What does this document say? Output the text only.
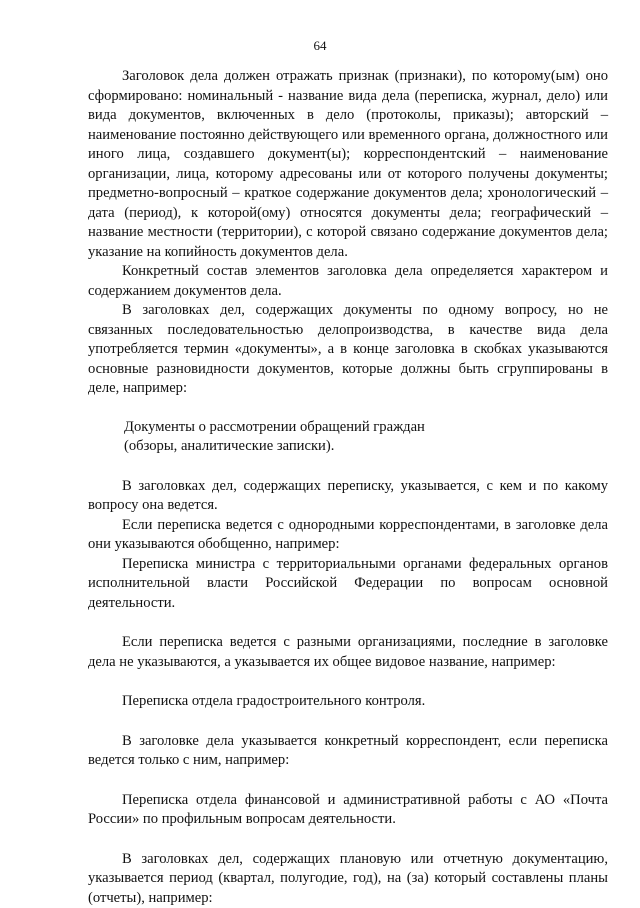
64

Заголовок дела должен отражать признак (признаки), по которому(ым) оно сформировано: номинальный - название вида дела (переписка, журнал, дело) или вида документов, включенных в дело (протоколы, приказы); авторский – наименование постоянно действующего или временного органа, должностного или иного лица, создавшего документ(ы); корреспондентский – наименование организации, лица, которому адресованы или от которого получены документы; предметно-вопросный – краткое содержание документов дела; хронологический – дата (период), к которой(ому) относятся документы дела; географический – название местности (территории), с которой связано содержание документов дела; указание на копийность документов дела.

Конкретный состав элементов заголовка дела определяется характером и содержанием документов дела.

В заголовках дел, содержащих документы по одному вопросу, но не связанных последовательностью делопроизводства, в качестве вида дела употребляется термин «документы», а в конце заголовка в скобках указываются основные разновидности документов, которые должны быть сгруппированы в деле, например:

Документы о рассмотрении обращений граждан

(обзоры, аналитические записки).

В заголовках дел, содержащих переписку, указывается, с кем и по какому вопросу она ведется.

Если переписка ведется с однородными корреспондентами, в заголовке дела они указываются обобщенно, например:

Переписка министра с территориальными органами федеральных органов исполнительной власти Российской Федерации по вопросам основной деятельности.

Если переписка ведется с разными организациями, последние в заголовке дела не указываются, а указывается их общее видовое название, например:

Переписка отдела градостроительного контроля.

В заголовке дела указывается конкретный корреспондент, если переписка ведется только с ним, например:

Переписка отдела финансовой и административной работы с АО «Почта России» по профильным вопросам деятельности.

В заголовках дел, содержащих плановую или отчетную документацию, указывается период (квартал, полугодие, год), на (за) который составлены планы (отчеты), например:
